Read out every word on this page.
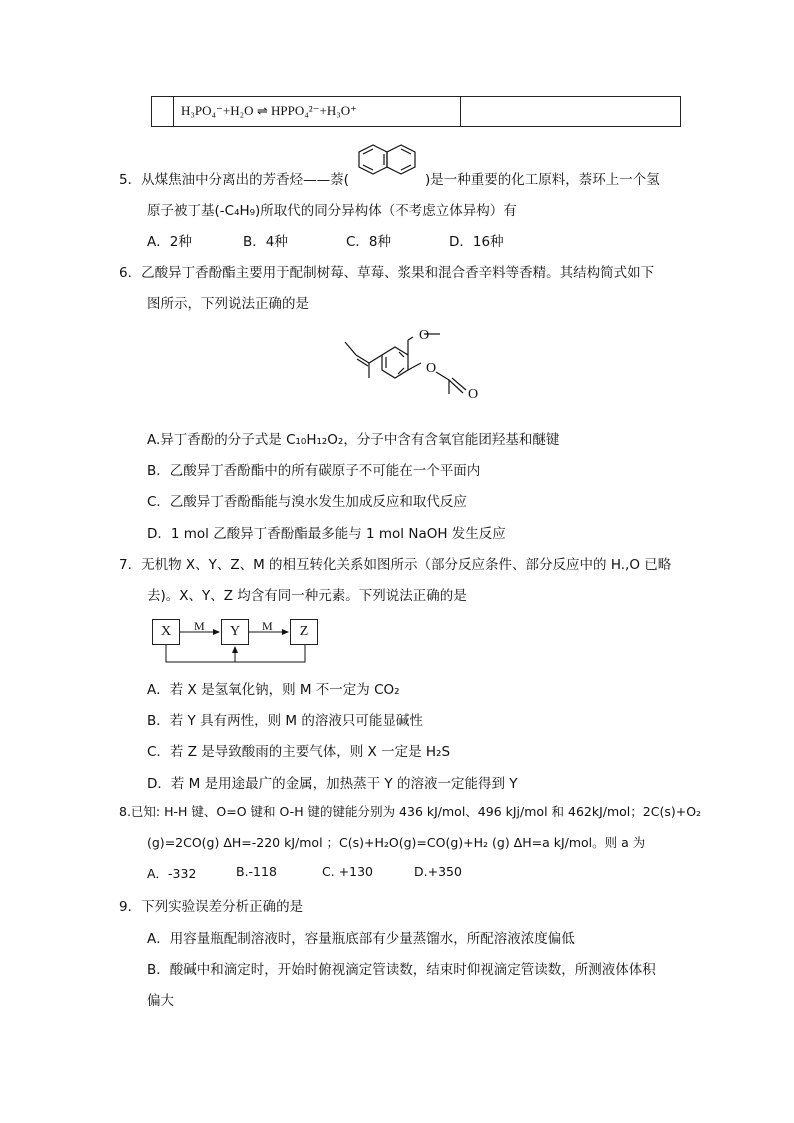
H₃PO₄⁻+H₂O ⇌ HPPO₄²⁻+H₃O⁺
5．从煤焦油中分离出的芳香烃——萘(	)是一种重要的化工原料，萘环上一个氢
原子被丁基(-C₄H₉)所取代的同分异构体（不考虑立体异构）有
A．2种	B．4种	C．8种	D．16种
6．乙酸异丁香酚酯主要用于配制树莓、草莓、浆果和混合香辛料等香精。其结构简式如下
图所示，下列说法正确的是
O
O
O
A.异丁香酚的分子式是 C₁₀H₁₂O₂，分子中含有含氧官能团羟基和醚键
B．乙酸异丁香酚酯中的所有碳原子不可能在一个平面内
C．乙酸异丁香酚酯能与溴水发生加成反应和取代反应
D．1 mol 乙酸异丁香酚酯最多能与 1 mol NaOH 发生反应
7．无机物 X、Y、Z、M 的相互转化关系如图所示（部分反应条件、部分反应中的 H.,O 已略
去)。X、Y、Z 均含有同一种元素。下列说法正确的是
X	Y	Z
M	M
A．若 X 是氢氧化钠，则 M 不一定为 CO₂
B．若 Y 具有两性，则 M 的溶液只可能显碱性
C．若 Z 是导致酸雨的主要气体，则 X 一定是 H₂S
D．若 M 是用途最广的金属，加热蒸干 Y 的溶液一定能得到 Y
8.已知: H-H 键、O=O 键和 O-H 键的键能分别为 436 kJ/mol、496 kJj/mol 和 462kJ/mol；2C(s)+O₂
(g)=2CO(g) ΔH=-220 kJ/mol ；C(s)+H₂O(g)=CO(g)+H₂ (g) ΔH=a kJ/mol。则 a 为
A．-332	B.-118	C. +130	D.+350
9．下列实验误差分析正确的是
A．用容量瓶配制溶液时，容量瓶底部有少量蒸馏水，所配溶液浓度偏低
B．酸碱中和滴定时，开始时俯视滴定管读数，结束时仰视滴定管读数，所测液体体积
偏大
